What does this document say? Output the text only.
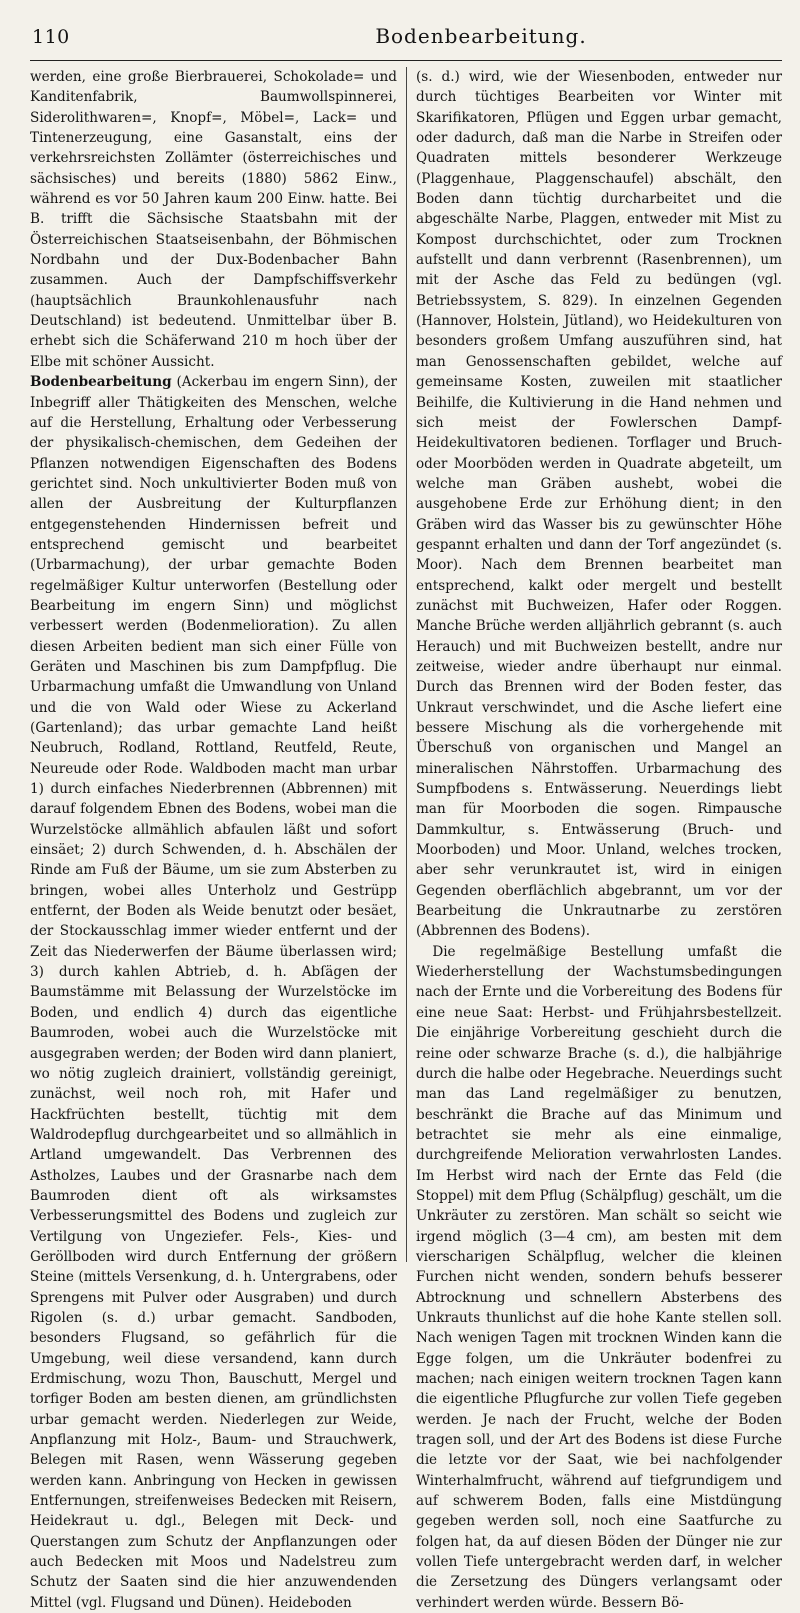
110	Bodenbearbeitung.

werden, eine große Bierbrauerei, Schokolade= und Kanditenfabrik, Baumwollspinnerei, Siderolithwaren=, Knopf=, Möbel=, Lack= und Tintenerzeugung, eine Gasanstalt, eins der verkehrsreichsten Zollämter (österreichisches und sächsisches) und bereits (1880) 5862 Einw., während es vor 50 Jahren kaum 200 Einw. hatte. Bei B. trifft die Sächsische Staatsbahn mit der Österreichischen Staatseisenbahn, der Böhmischen Nordbahn und der Dux-Bodenbacher Bahn zusammen. Auch der Dampfschiffsverkehr (hauptsächlich Braunkohlenausfuhr nach Deutschland) ist bedeutend. Unmittelbar über B. erhebt sich die Schäferwand 210 m hoch über der Elbe mit schöner Aussicht.

Bodenbearbeitung (Ackerbau im engern Sinn), der Inbegriff aller Thätigkeiten des Menschen, welche auf die Herstellung, Erhaltung oder Verbesserung der physikalisch-chemischen, dem Gedeihen der Pflanzen notwendigen Eigenschaften des Bodens gerichtet sind. Noch unkultivierter Boden muß von allen der Ausbreitung der Kulturpflanzen entgegenstehenden Hindernissen befreit und entsprechend gemischt und bearbeitet (Urbarmachung), der urbar gemachte Boden regelmäßiger Kultur unterworfen (Bestellung oder Bearbeitung im engern Sinn) und möglichst verbessert werden (Bodenmelioration). Zu allen diesen Arbeiten bedient man sich einer Fülle von Geräten und Maschinen bis zum Dampfpflug. Die Urbarmachung umfaßt die Umwandlung von Unland und die von Wald oder Wiese zu Ackerland (Gartenland); das urbar gemachte Land heißt Neubruch, Rodland, Rottland, Reutfeld, Reute, Neureude oder Rode. Waldboden macht man urbar 1) durch einfaches Niederbrennen (Abbrennen) mit darauf folgendem Ebnen des Bodens, wobei man die Wurzelstöcke allmählich abfaulen läßt und sofort einsäet; 2) durch Schwenden, d. h. Abschälen der Rinde am Fuß der Bäume, um sie zum Absterben zu bringen, wobei alles Unterholz und Gestrüpp entfernt, der Boden als Weide benutzt oder besäet, der Stockausschlag immer wieder entfernt und der Zeit das Niederwerfen der Bäume überlassen wird; 3) durch kahlen Abtrieb, d. h. Abſägen der Baumstämme mit Belassung der Wurzelstöcke im Boden, und endlich 4) durch das eigentliche Baumroden, wobei auch die Wurzelstöcke mit ausgegraben werden; der Boden wird dann planiert, wo nötig zugleich drainiert, vollständig gereinigt, zunächst, weil noch roh, mit Hafer und Hackfrüchten bestellt, tüchtig mit dem Waldrodepflug durchgearbeitet und so allmählich in Artland umgewandelt. Das Verbrennen des Astholzes, Laubes und der Grasnarbe nach dem Baumroden dient oft als wirksamstes Verbesserungsmittel des Bodens und zugleich zur Vertilgung von Ungeziefer. Fels-, Kies- und Geröllboden wird durch Entfernung der größern Steine (mittels Versenkung, d. h. Untergrabens, oder Sprengens mit Pulver oder Ausgraben) und durch Rigolen (s. d.) urbar gemacht. Sandboden, besonders Flugsand, so gefährlich für die Umgebung, weil diese versandend, kann durch Erdmischung, wozu Thon, Bauschutt, Mergel und torfiger Boden am besten dienen, am gründlichsten urbar gemacht werden. Niederlegen zur Weide, Anpflanzung mit Holz-, Baum- und Strauchwerk, Belegen mit Rasen, wenn Wässerung gegeben werden kann. Anbringung von Hecken in gewissen Entfernungen, streifenweises Bedecken mit Reisern, Heidekraut u. dgl., Belegen mit Deck- und Querstangen zum Schutz der Anpflanzungen oder auch Bedecken mit Moos und Nadelstreu zum Schutz der Saaten sind die hier anzuwendenden Mittel (vgl. Flugsand und Dünen). Heideboden

(s. d.) wird, wie der Wiesenboden, entweder nur durch tüchtiges Bearbeiten vor Winter mit Skarifikatoren, Pflügen und Eggen urbar gemacht, oder dadurch, daß man die Narbe in Streifen oder Quadraten mittels besonderer Werkzeuge (Plaggenhaue, Plaggenschaufel) abschält, den Boden dann tüchtig durcharbeitet und die abgeschälte Narbe, Plaggen, entweder mit Mist zu Kompost durchschichtet, oder zum Trocknen aufstellt und dann verbrennt (Rasenbrennen), um mit der Asche das Feld zu bedüngen (vgl. Betriebssystem, S. 829). In einzelnen Gegenden (Hannover, Holstein, Jütland), wo Heidekulturen von besonders großem Umfang auszuführen sind, hat man Genossenschaften gebildet, welche auf gemeinsame Kosten, zuweilen mit staatlicher Beihilfe, die Kultivierung in die Hand nehmen und sich meist der Fowlerschen Dampf-Heidekultivatoren bedienen. Torflager und Bruch- oder Moorböden werden in Quadrate abgeteilt, um welche man Gräben aushebt, wobei die ausgehobene Erde zur Erhöhung dient; in den Gräben wird das Wasser bis zu gewünschter Höhe gespannt erhalten und dann der Torf angezündet (s. Moor). Nach dem Brennen bearbeitet man entsprechend, kalkt oder mergelt und bestellt zunächst mit Buchweizen, Hafer oder Roggen. Manche Brüche werden alljährlich gebrannt (s. auch Herauch) und mit Buchweizen bestellt, andre nur zeitweise, wieder andre überhaupt nur einmal. Durch das Brennen wird der Boden fester, das Unkraut verschwindet, und die Asche liefert eine bessere Mischung als die vorhergehende mit Überschuß von organischen und Mangel an mineralischen Nährstoffen. Urbarmachung des Sumpfbodens s. Entwässerung. Neuerdings liebt man für Moorboden die sogen. Rimpausche Dammkultur, s. Entwässerung (Bruch- und Moorboden) und Moor. Unland, welches trocken, aber sehr verunkrautet ist, wird in einigen Gegenden oberflächlich abgebrannt, um vor der Bearbeitung die Unkrautnarbe zu zerstören (Abbrennen des Bodens).

Die regelmäßige Bestellung umfaßt die Wiederherstellung der Wachstumsbedingungen nach der Ernte und die Vorbereitung des Bodens für eine neue Saat: Herbst- und Frühjahrsbestellzeit. Die einjährige Vorbereitung geschieht durch die reine oder schwarze Brache (s. d.), die halbjährige durch die halbe oder Hegebrache. Neuerdings sucht man das Land regelmäßiger zu benutzen, beschränkt die Brache auf das Minimum und betrachtet sie mehr als eine einmalige, durchgreifende Melioration verwahrlosten Landes. Im Herbst wird nach der Ernte das Feld (die Stoppel) mit dem Pflug (Schälpflug) geschält, um die Unkräuter zu zerstören. Man schält so seicht wie irgend möglich (3—4 cm), am besten mit dem vierscharigen Schälpflug, welcher die kleinen Furchen nicht wenden, sondern behufs besserer Abtrocknung und schnellern Absterbens des Unkrauts thunlichst auf die hohe Kante stellen soll. Nach wenigen Tagen mit trocknen Winden kann die Egge folgen, um die Unkräuter bodenfrei zu machen; nach einigen weitern trocknen Tagen kann die eigentliche Pflugfurche zur vollen Tiefe gegeben werden. Je nach der Frucht, welche der Boden tragen soll, und der Art des Bodens ist diese Furche die letzte vor der Saat, wie bei nachfolgender Winterhalmfrucht, während auf tiefgrundigem und auf schwerem Boden, falls eine Mistdüngung gegeben werden soll, noch eine Saatfurche zu folgen hat, da auf diesen Böden der Dünger nie zur vollen Tiefe untergebracht werden darf, in welcher die Zersetzung des Düngers verlangsamt oder verhindert werden würde. Bessern Bö-
